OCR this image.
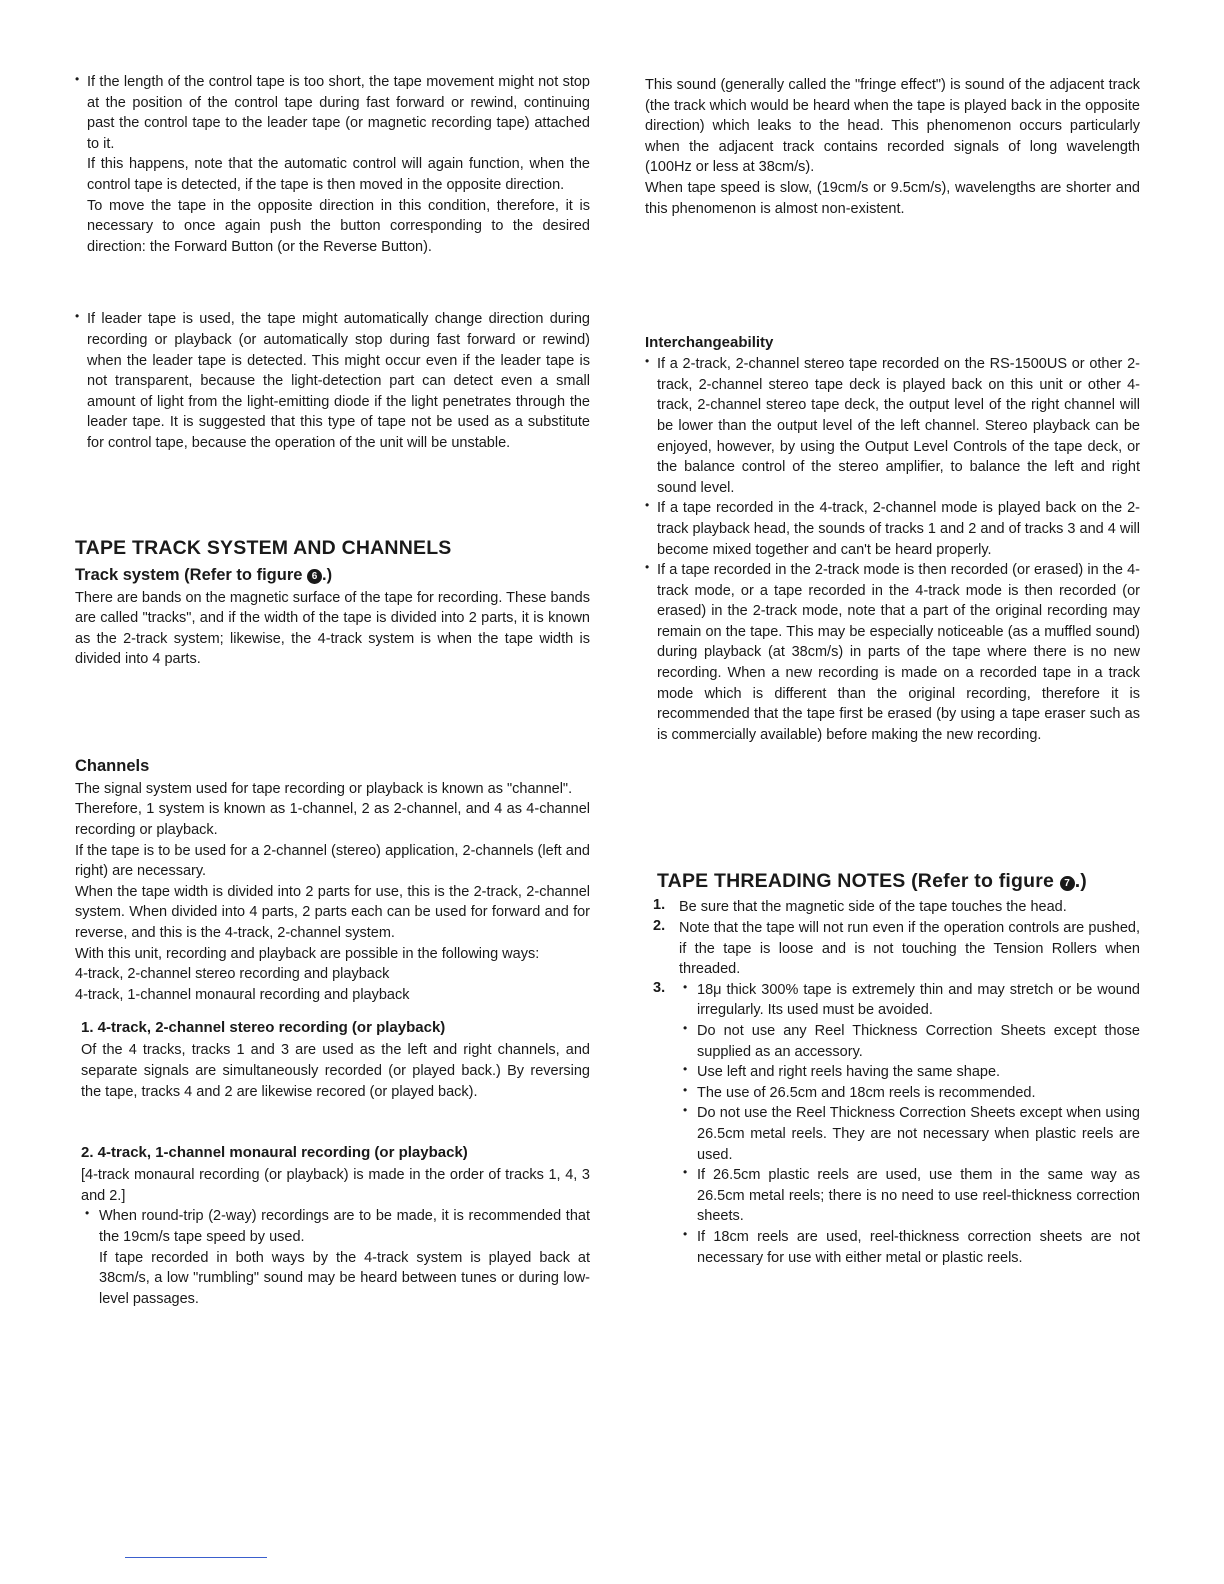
• If the length of the control tape is too short, the tape movement might not stop at the position of the control tape during fast forward or rewind, continuing past the control tape to the leader tape (or magnetic recording tape) attached to it.

If this happens, note that the automatic control will again function, when the control tape is detected, if the tape is then moved in the opposite direction.

To move the tape in the opposite direction in this condition, therefore, it is necessary to once again push the button corresponding to the desired direction: the Forward Button (or the Reverse Button).

• If leader tape is used, the tape might automatically change direction during recording or playback (or automatically stop during fast forward or rewind) when the leader tape is detected. This might occur even if the leader tape is not transparent, because the light-detection part can detect even a small amount of light from the light-emitting diode if the light penetrates through the leader tape. It is suggested that this type of tape not be used as a substitute for control tape, because the operation of the unit will be unstable.

TAPE TRACK SYSTEM AND CHANNELS
Track system (Refer to figure 6 .)

There are bands on the magnetic surface of the tape for recording. These bands are called "tracks", and if the width of the tape is divided into 2 parts, it is known as the 2-track system; likewise, the 4-track system is when the tape width is divided into 4 parts.

Channels

The signal system used for tape recording or playback is known as "channel".

Therefore, 1 system is known as 1-channel, 2 as 2-channel, and 4 as 4-channel recording or playback.

If the tape is to be used for a 2-channel (stereo) application, 2-channels (left and right) are necessary.

When the tape width is divided into 2 parts for use, this is the 2-track, 2-channel system. When divided into 4 parts, 2 parts each can be used for forward and for reverse, and this is the 4-track, 2-channel system.

With this unit, recording and playback are possible in the following ways:

4-track, 2-channel stereo recording and playback

4-track, 1-channel monaural recording and playback

1. 4-track, 2-channel stereo recording (or playback)

Of the 4 tracks, tracks 1 and 3 are used as the left and right channels, and separate signals are simultaneously recorded (or played back.) By reversing the tape, tracks 4 and 2 are likewise recored (or played back).

2. 4-track, 1-channel monaural recording (or playback)

[4-track monaural recording (or playback) is made in the order of tracks 1, 4, 3 and 2.]

• When round-trip (2-way) recordings are to be made, it is recommended that the 19cm/s tape speed by used.

If tape recorded in both ways by the 4-track system is played back at 38cm/s, a low "rumbling" sound may be heard between tunes or during low-level passages.

This sound (generally called the "fringe effect") is sound of the adjacent track (the track which would be heard when the tape is played back in the opposite direction) which leaks to the head. This phenomenon occurs particularly when the adjacent track contains recorded signals of long wavelength (100Hz or less at 38cm/s).

When tape speed is slow, (19cm/s or 9.5cm/s), wavelengths are shorter and this phenomenon is almost non-existent.

Interchangeability

• If a 2-track, 2-channel stereo tape recorded on the RS-1500US or other 2-track, 2-channel stereo tape deck is played back on this unit or other 4-track, 2-channel stereo tape deck, the output level of the right channel will be lower than the output level of the left channel. Stereo playback can be enjoyed, however, by using the Output Level Controls of the tape deck, or the balance control of the stereo amplifier, to balance the left and right sound level.

• If a tape recorded in the 4-track, 2-channel mode is played back on the 2-track playback head, the sounds of tracks 1 and 2 and of tracks 3 and 4 will become mixed together and can't be heard properly.

• If a tape recorded in the 2-track mode is then recorded (or erased) in the 4-track mode, or a tape recorded in the 4-track mode is then recorded (or erased) in the 2-track mode, note that a part of the original recording may remain on the tape. This may be especially noticeable (as a muffled sound) during playback (at 38cm/s) in parts of the tape where there is no new recording. When a new recording is made on a recorded tape in a track mode which is different than the original recording, therefore it is recommended that the tape first be erased (by using a tape eraser such as is commercially available) before making the new recording.

TAPE THREADING NOTES (Refer to figure 7 .)
1. Be sure that the magnetic side of the tape touches the head.

2. Note that the tape will not run even if the operation controls are pushed, if the tape is loose and is not touching the Tension Rollers when threaded.

3.

• 18μ thick 300% tape is extremely thin and may stretch or be wound irregularly. Its used must be avoided.

• Do not use any Reel Thickness Correction Sheets except those supplied as an accessory.

• Use left and right reels having the same shape.

• The use of 26.5cm and 18cm reels is recommended.

• Do not use the Reel Thickness Correction Sheets except when using 26.5cm metal reels. They are not necessary when plastic reels are used.

• If 26.5cm plastic reels are used, use them in the same way as 26.5cm metal reels; there is no need to use reel-thickness correction sheets.

• If 18cm reels are used, reel-thickness correction sheets are not necessary for use with either metal or plastic reels.
